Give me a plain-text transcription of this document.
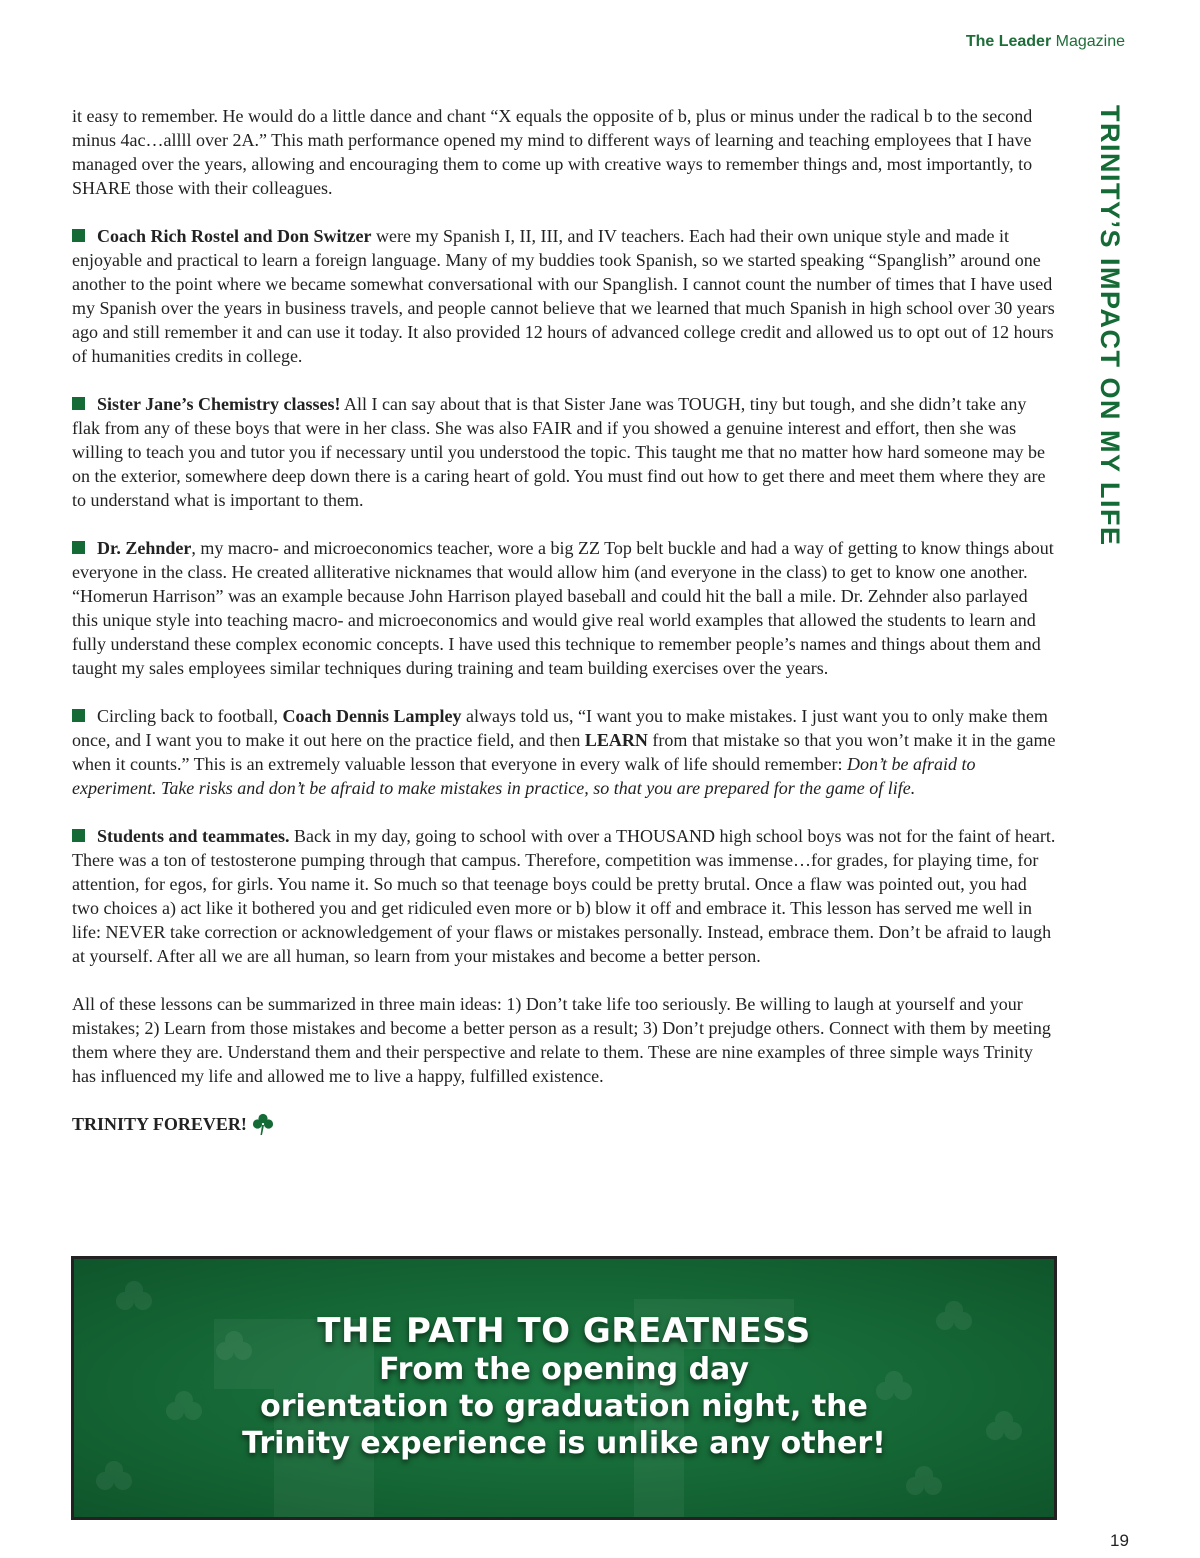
The Leader Magazine
TRINITY’S IMPACT ON MY LIFE

it easy to remember. He would do a little dance and chant “X equals the opposite of b, plus or minus under the radical b to the second minus 4ac…allll over 2A.” This math performance opened my mind to different ways of learning and teaching employees that I have managed over the years, allowing and encouraging them to come up with creative ways to remember things and, most importantly, to SHARE those with their colleagues.

Coach Rich Rostel and Don Switzer were my Spanish I, II, III, and IV teachers. Each had their own unique style and made it enjoyable and practical to learn a foreign language. Many of my buddies took Spanish, so we started speaking “Spanglish” around one another to the point where we became somewhat conversational with our Spanglish. I cannot count the number of times that I have used my Spanish over the years in business travels, and people cannot believe that we learned that much Spanish in high school over 30 years ago and still remember it and can use it today. It also provided 12 hours of advanced college credit and allowed us to opt out of 12 hours of humanities credits in college.

Sister Jane’s Chemistry classes! All I can say about that is that Sister Jane was TOUGH, tiny but tough, and she didn’t take any flak from any of these boys that were in her class. She was also FAIR and if you showed a genuine interest and effort, then she was willing to teach you and tutor you if necessary until you understood the topic. This taught me that no matter how hard someone may be on the exterior, somewhere deep down there is a caring heart of gold. You must find out how to get there and meet them where they are to understand what is important to them.

Dr. Zehnder, my macro- and microeconomics teacher, wore a big ZZ Top belt buckle and had a way of getting to know things about everyone in the class. He created alliterative nicknames that would allow him (and everyone in the class) to get to know one another. “Homerun Harrison” was an example because John Harrison played baseball and could hit the ball a mile. Dr. Zehnder also parlayed this unique style into teaching macro- and microeconomics and would give real world examples that allowed the students to learn and fully understand these complex economic concepts. I have used this technique to remember people’s names and things about them and taught my sales employees similar techniques during training and team building exercises over the years.

Circling back to football, Coach Dennis Lampley always told us, “I want you to make mistakes. I just want you to only make them once, and I want you to make it out here on the practice field, and then LEARN from that mistake so that you won’t make it in the game when it counts.” This is an extremely valuable lesson that everyone in every walk of life should remember: Don’t be afraid to experiment. Take risks and don’t be afraid to make mistakes in practice, so that you are prepared for the game of life.

Students and teammates. Back in my day, going to school with over a THOUSAND high school boys was not for the faint of heart. There was a ton of testosterone pumping through that campus. Therefore, competition was immense…for grades, for playing time, for attention, for egos, for girls. You name it. So much so that teenage boys could be pretty brutal. Once a flaw was pointed out, you had two choices a) act like it bothered you and get ridiculed even more or b) blow it off and embrace it. This lesson has served me well in life: NEVER take correction or acknowledgement of your flaws or mistakes personally. Instead, embrace them. Don’t be afraid to laugh at yourself. After all we are all human, so learn from your mistakes and become a better person.

All of these lessons can be summarized in three main ideas: 1) Don’t take life too seriously. Be willing to laugh at yourself and your mistakes; 2) Learn from those mistakes and become a better person as a result; 3) Don’t prejudge others. Connect with them by meeting them where they are. Understand them and their perspective and relate to them. These are nine examples of three simple ways Trinity has influenced my life and allowed me to live a happy, fulfilled existence.

TRINITY FOREVER!

THE PATH TO GREATNESS
From the opening day
orientation to graduation night, the
Trinity experience is unlike any other!
19
